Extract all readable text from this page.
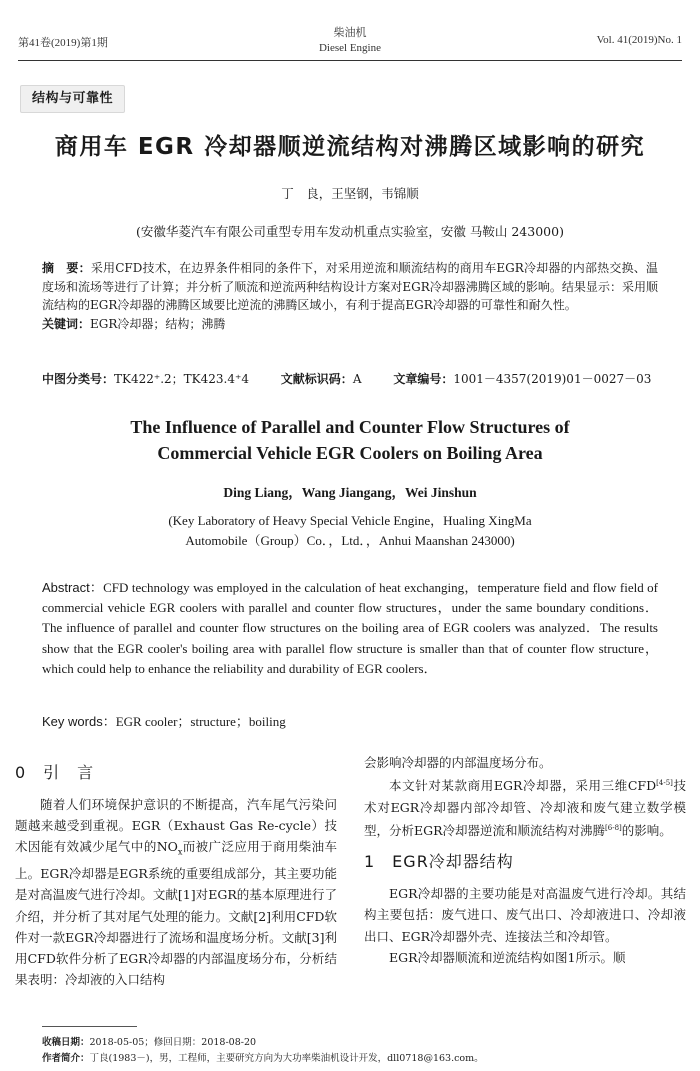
第41卷(2019)第1期
柴油机
Diesel Engine
Vol. 41(2019)No. 1
结构与可靠性
商用车 EGR 冷却器顺逆流结构对沸腾区域影响的研究
丁　良，王坚钢，韦锦顺
(安徽华菱汽车有限公司重型专用车发动机重点实验室，安徽 马鞍山 243000)

摘　要：采用CFD技术，在边界条件相同的条件下，对采用逆流和顺流结构的商用车EGR冷却器的内部热交换、温度场和流场等进行了计算；并分析了顺流和逆流两种结构设计方案对EGR冷却器沸腾区域的影响。结果显示：采用顺流结构的EGR冷却器的沸腾区域要比逆流的沸腾区域小，有利于提高EGR冷却器的可靠性和耐久性。

关键词：EGR冷却器；结构；沸腾

中图分类号：TK422⁺.2；TK423.4⁺4	文献标识码：A	文章编号：1001－4357(2019)01－0027－03
The Influence of Parallel and Counter Flow Structures of
Commercial Vehicle EGR Coolers on Boiling Area
Ding Liang，Wang Jiangang，Wei Jinshun
(Key Laboratory of Heavy Special Vehicle Engine，Hualing XingMa
Automobile（Group）Co．，Ltd．，Anhui Maanshan 243000)
Abstract：CFD technology was employed in the calculation of heat exchanging，temperature field and flow field of commercial vehicle EGR coolers with parallel and counter flow structures，under the same boundary conditions．The influence of parallel and counter flow structures on the boiling area of EGR coolers was analyzed．The results show that the EGR cooler's boiling area with parallel flow structure is smaller than that of counter flow structure，which could help to enhance the reliability and durability of EGR coolers．
Key words：EGR cooler；structure；boiling

0　引　言

随着人们环境保护意识的不断提高，汽车尾气污染问题越来越受到重视。EGR（Exhaust Gas Re-cycle）技术因能有效减少尾气中的$NO_x$而被广泛应用于商用柴油车上。EGR冷却器是EGR系统的重要组成部分，其主要功能是对高温废气进行冷却。文献[1]对EGR的基本原理进行了介绍，并分析了其对尾气处理的能力。文献[2]利用CFD软件对一款EGR冷却器进行了流场和温度场分析。文献[3]利用CFD软件分析了EGR冷却器的内部温度场分布，分析结果表明：冷却液的入口结构

会影响冷却器的内部温度场分布。

本文针对某款商用EGR冷却器，采用三维CFD[4-5]技术对EGR冷却器内部冷却管、冷却液和废气建立数学模型，分析EGR冷却器逆流和顺流结构对沸腾[6-8]的影响。

1　EGR冷却器结构

EGR冷却器的主要功能是对高温废气进行冷却。其结构主要包括：废气进口、废气出口、冷却液进口、冷却液出口、EGR冷却器外壳、连接法兰和冷却管。

EGR冷却器顺流和逆流结构如图1所示。顺

收稿日期：2018-05-05；修回日期：2018-08-20
作者简介：丁良(1983－)，男，工程师，主要研究方向为大功率柴油机设计开发，dll0718@163.com。
